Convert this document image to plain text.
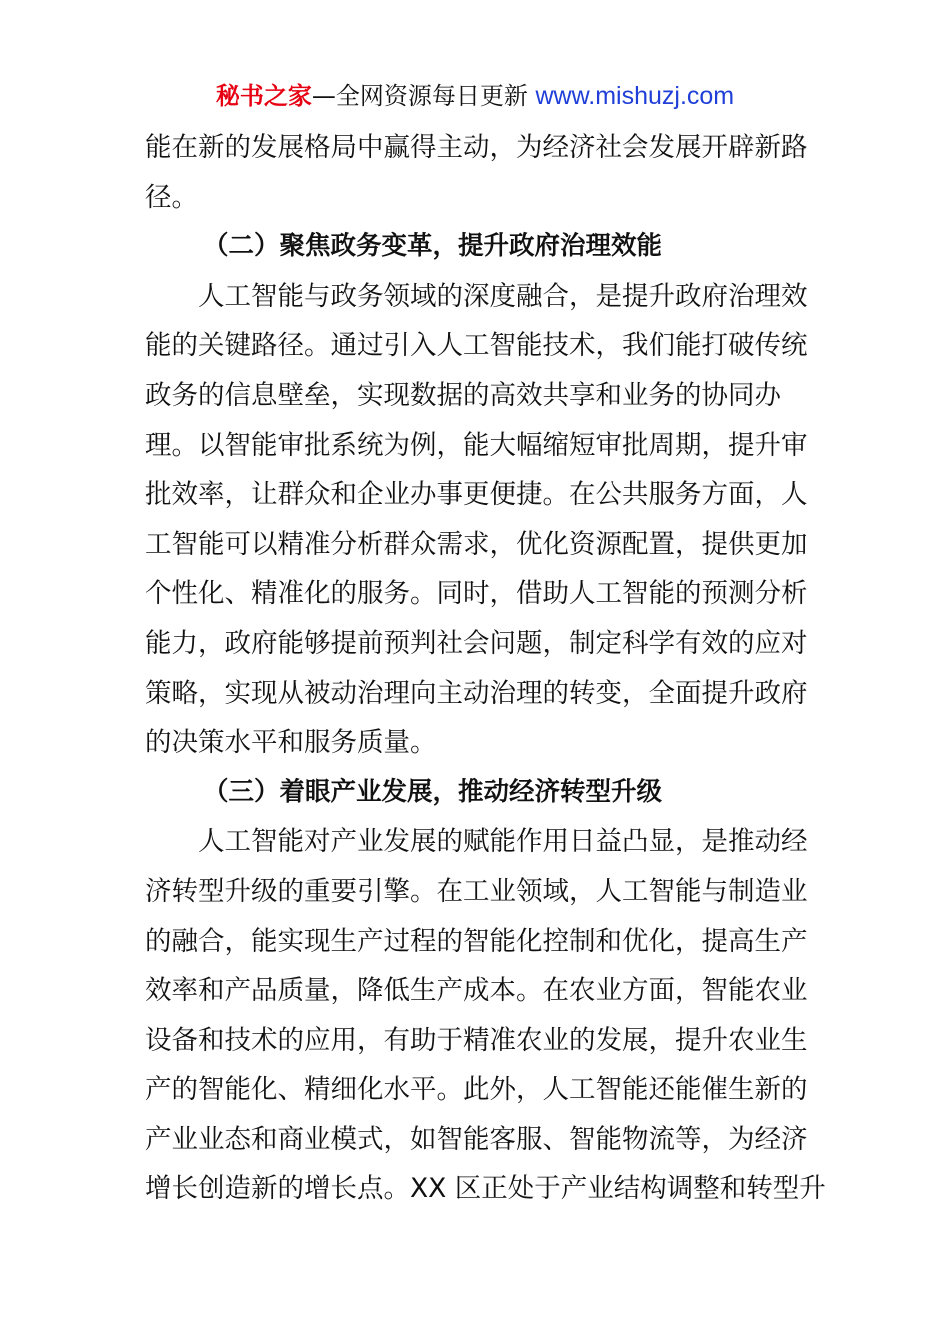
秘书之家—全网资源每日更新 www.mishuzj.com
能在新的发展格局中赢得主动，为经济社会发展开辟新路
径。
（二）聚焦政务变革，提升政府治理效能
人工智能与政务领域的深度融合，是提升政府治理效
能的关键路径。通过引入人工智能技术，我们能打破传统
政务的信息壁垒，实现数据的高效共享和业务的协同办
理。以智能审批系统为例，能大幅缩短审批周期，提升审
批效率，让群众和企业办事更便捷。在公共服务方面，人
工智能可以精准分析群众需求，优化资源配置，提供更加
个性化、精准化的服务。同时，借助人工智能的预测分析
能力，政府能够提前预判社会问题，制定科学有效的应对
策略，实现从被动治理向主动治理的转变，全面提升政府
的决策水平和服务质量。
（三）着眼产业发展，推动经济转型升级
人工智能对产业发展的赋能作用日益凸显，是推动经
济转型升级的重要引擎。在工业领域，人工智能与制造业
的融合，能实现生产过程的智能化控制和优化，提高生产
效率和产品质量，降低生产成本。在农业方面，智能农业
设备和技术的应用，有助于精准农业的发展，提升农业生
产的智能化、精细化水平。此外，人工智能还能催生新的
产业业态和商业模式，如智能客服、智能物流等，为经济
增长创造新的增长点。XX 区正处于产业结构调整和转型升
